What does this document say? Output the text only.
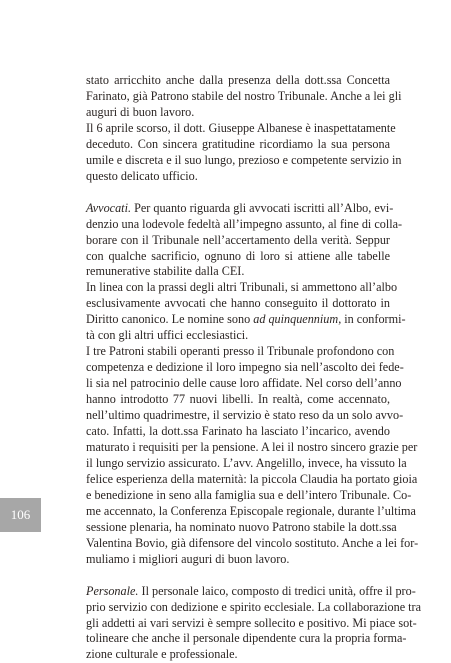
stato arricchito anche dalla presenza della dott.ssa Concetta
Farinato, già Patrono stabile del nostro Tribunale. Anche a lei gli
auguri di buon lavoro.

Il 6 aprile scorso, il dott. Giuseppe Albanese è inaspettatamente
deceduto. Con sincera gratitudine ricordiamo la sua persona
umile e discreta e il suo lungo, prezioso e competente servizio in
questo delicato ufficio.

Avvocati. Per quanto riguarda gli avvocati iscritti all’Albo, evi-
denzio una lodevole fedeltà all’impegno assunto, al fine di colla-
borare con il Tribunale nell’accertamento della verità. Seppur
con qualche sacrificio, ognuno di loro si attiene alle tabelle
remunerative stabilite dalla CEI.

In linea con la prassi degli altri Tribunali, si ammettono all’albo
esclusivamente avvocati che hanno conseguito il dottorato in
Diritto canonico. Le nomine sono ad quinquennium, in conformi-
tà con gli altri uffici ecclesiastici.

I tre Patroni stabili operanti presso il Tribunale profondono con
competenza e dedizione il loro impegno sia nell’ascolto dei fede-
li sia nel patrocinio delle cause loro affidate. Nel corso dell’anno
hanno introdotto 77 nuovi libelli. In realtà, come accennato,
nell’ultimo quadrimestre, il servizio è stato reso da un solo avvo-
cato. Infatti, la dott.ssa Farinato ha lasciato l’incarico, avendo
maturato i requisiti per la pensione. A lei il nostro sincero grazie per
il lungo servizio assicurato. L’avv. Angelillo, invece, ha vissuto la
felice esperienza della maternità: la piccola Claudia ha portato gioia
e benedizione in seno alla famiglia sua e dell’intero Tribunale. Co-
me accennato, la Conferenza Episcopale regionale, durante l’ultima
sessione plenaria, ha nominato nuovo Patrono stabile la dott.ssa
Valentina Bovio, già difensore del vincolo sostituto. Anche a lei for-
muliamo i migliori auguri di buon lavoro.

Personale. Il personale laico, composto di tredici unità, offre il pro-
prio servizio con dedizione e spirito ecclesiale. La collaborazione tra
gli addetti ai vari servizi è sempre sollecito e positivo. Mi piace sot-
tolineare che anche il personale dipendente cura la propria forma-
zione culturale e professionale.

106
